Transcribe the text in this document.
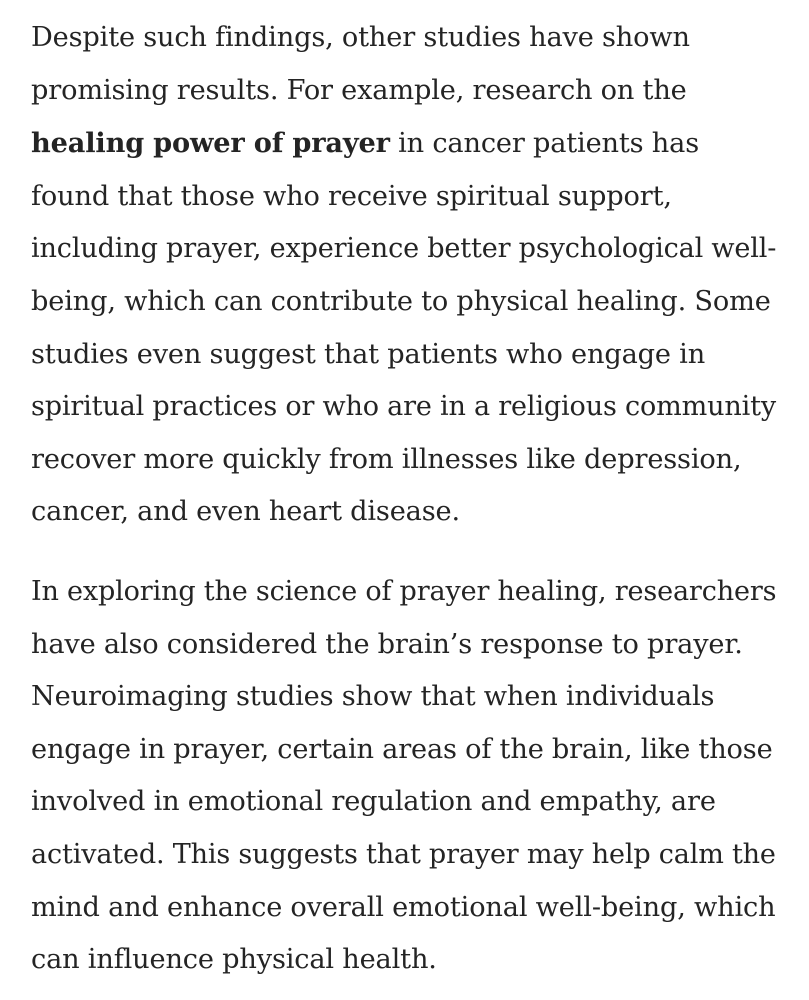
Despite such findings, other studies have shown
promising results. For example, research on the
healing power of prayer in cancer patients has
found that those who receive spiritual support,
including prayer, experience better psychological well-
being, which can contribute to physical healing. Some
studies even suggest that patients who engage in
spiritual practices or who are in a religious community
recover more quickly from illnesses like depression,
cancer, and even heart disease.

In exploring the science of prayer healing, researchers
have also considered the brain’s response to prayer.
Neuroimaging studies show that when individuals
engage in prayer, certain areas of the brain, like those
involved in emotional regulation and empathy, are
activated. This suggests that prayer may help calm the
mind and enhance overall emotional well-being, which
can influence physical health.
